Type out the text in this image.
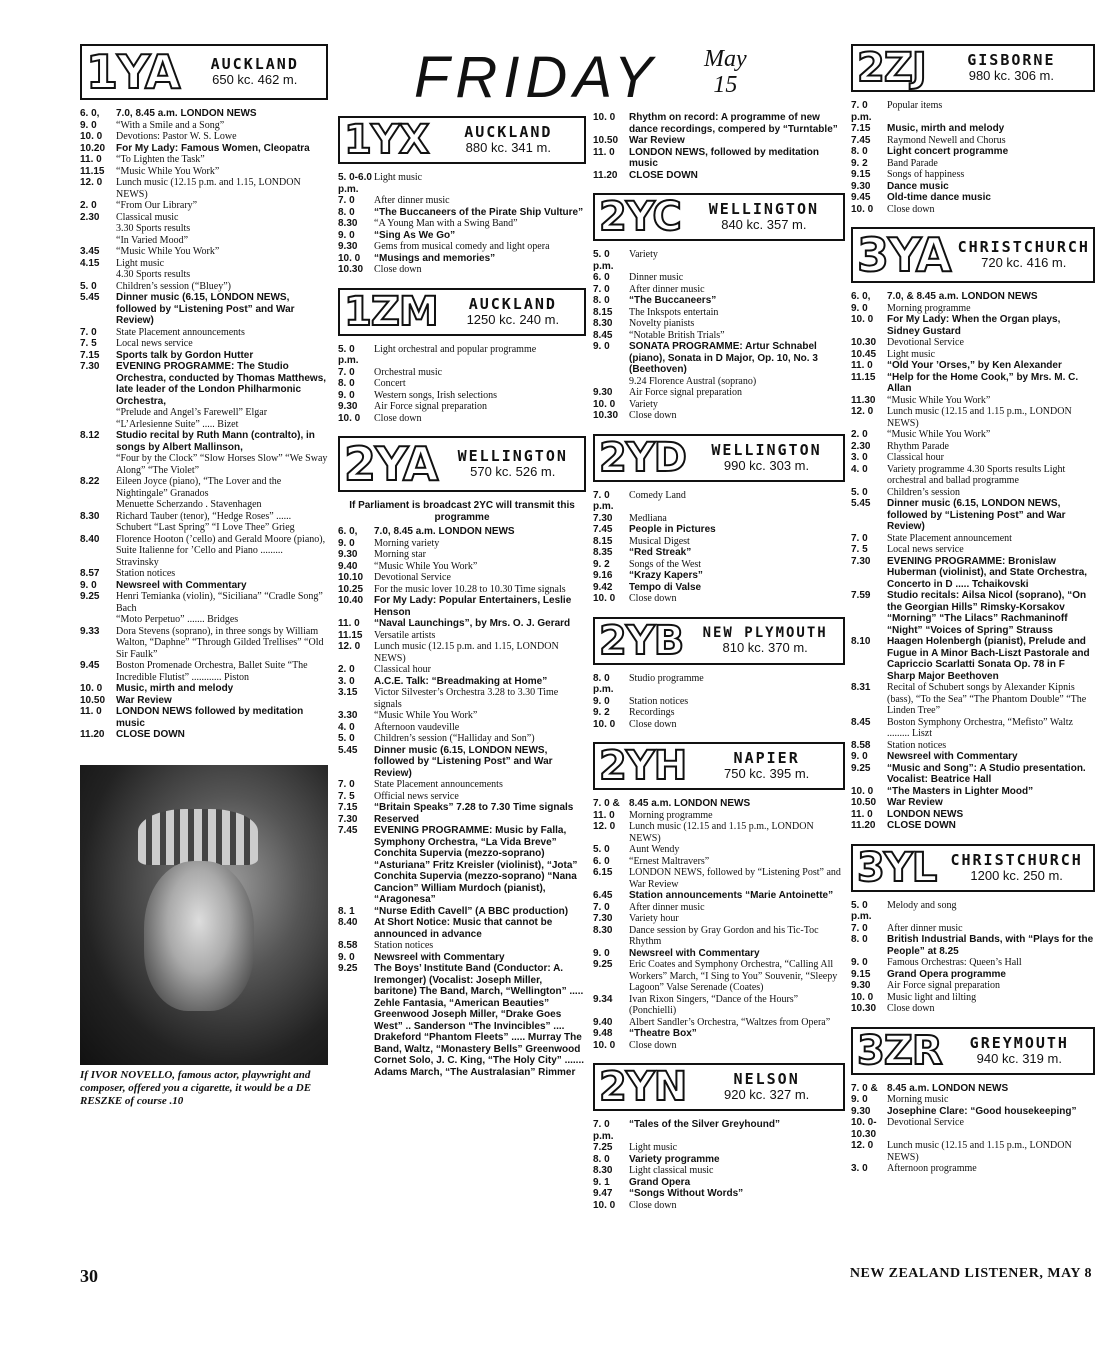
FRIDAY May
15
1YA AUCKLAND
650 kc. 462 m.
6. 0,	7.0, 8.45 a.m. LONDON NEWS
9. 0	“With a Smile and a Song”
10. 0	Devotions: Pastor W. S. Lowe
10.20	For My Lady: Famous Women, Cleopatra
11. 0	“To Lighten the Task”
11.15	“Music While You Work”
12. 0	Lunch music (12.15 p.m. and 1.15, LONDON NEWS)
2. 0	“From Our Library”
2.30	Classical music
3.30 Sports results
“In Varied Mood”
3.45	“Music While You Work”
4.15	Light music
4.30 Sports results
5. 0	Children’s session (“Bluey”)
5.45	Dinner music (6.15, LONDON NEWS, followed by “Listening Post” and War Review)
7. 0	State Placement announcements
7. 5	Local news service
7.15	Sports talk by Gordon Hutter
7.30	EVENING PROGRAMME: The Studio Orchestra, conducted by Thomas Matthews, late leader of the London Philharmonic Orchestra,
“Prelude and Angel’s Farewell” Elgar
“L’Arlesienne Suite” ..... Bizet
8.12	Studio recital by Ruth Mann (contralto), in songs by Albert Mallinson,
“Four by the Clock” “Slow Horses Slow” “We Sway Along” “The Violet”
8.22	Eileen Joyce (piano), “The Lover and the Nightingale” Granados
Menuette Scherzando . Stavenhagen
8.30	Richard Tauber (tenor), “Hedge Roses” ...... Schubert “Last Spring” “I Love Thee” Grieg
8.40	Florence Hooton (’cello) and Gerald Moore (piano), Suite Italienne for ’Cello and Piano ......... Stravinsky
8.57	Station notices
9. 0	Newsreel with Commentary
9.25	Henri Temianka (violin), “Siciliana” “Cradle Song” Bach
“Moto Perpetuo” ....... Bridges
9.33	Dora Stevens (soprano), in three songs by William Walton, “Daphne” “Through Gilded Trellises” “Old Sir Faulk”
9.45	Boston Promenade Orchestra, Ballet Suite “The Incredible Flutist” ............ Piston
10. 0	Music, mirth and melody
10.50	War Review
11. 0	LONDON NEWS followed by meditation music
11.20	CLOSE DOWN
If IVOR NOVELLO, famous actor, playwright and composer, offered you a cigarette, it would be a DE RESZKE of course .10
1YX AUCKLAND
880 kc. 341 m.
5. 0-6.0 p.m.
Light music
7. 0	After dinner music
8. 0	“The Buccaneers of the Pirate Ship Vulture”
8.30	“A Young Man with a Swing Band”
9. 0	“Sing As We Go”
9.30	Gems from musical comedy and light opera
10. 0	“Musings and memories”
10.30	Close down
1ZM AUCKLAND
1250 kc. 240 m.
5. 0 p.m.
Light orchestral and popular programme
7. 0	Orchestral music
8. 0	Concert
9. 0	Western songs, Irish selections
9.30	Air Force signal preparation
10. 0	Close down
2YA WELLINGTON
570 kc. 526 m.
If Parliament is broadcast 2YC will transmit this programme
6. 0,	7.0, 8.45 a.m. LONDON NEWS
9. 0	Morning variety
9.30	Morning star
9.40	“Music While You Work”
10.10	Devotional Service
10.25	For the music lover 10.28 to 10.30 Time signals
10.40	For My Lady: Popular Entertainers, Leslie Henson
11. 0	“Naval Launchings”, by Mrs. O. J. Gerard
11.15	Versatile artists
12. 0	Lunch music (12.15 p.m. and 1.15, LONDON NEWS)
2. 0	Classical hour
3. 0	A.C.E. Talk: “Breadmaking at Home”
3.15	Victor Silvester’s Orchestra 3.28 to 3.30 Time signals
3.30	“Music While You Work”
4. 0	Afternoon vaudeville
5. 0	Children’s session (“Halliday and Son”)
5.45	Dinner music (6.15, LONDON NEWS, followed by “Listening Post” and War Review)
7. 0	State Placement announcements
7. 5	Official news service
7.15	“Britain Speaks” 7.28 to 7.30 Time signals
7.30	Reserved
7.45	EVENING PROGRAMME: Music by Falla, Symphony Orchestra, “La Vida Breve” Conchita Supervia (mezzo-soprano) “Asturiana” Fritz Kreisler (violinist), “Jota” Conchita Supervia (mezzo-soprano) “Nana Cancion” William Murdoch (pianist), “Aragonesa”
8. 1	“Nurse Edith Cavell” (A BBC production)
8.40	At Short Notice: Music that cannot be announced in advance
8.58	Station notices
9. 0	Newsreel with Commentary
9.25	The Boys’ Institute Band (Conductor: A. Iremonger) (Vocalist: Joseph Miller, baritone) The Band, March, “Wellington” ..... Zehle Fantasia, “American Beauties” Greenwood Joseph Miller, “Drake Goes West” .. Sanderson “The Invincibles” .... Drakeford “Phantom Fleets” ..... Murray The Band, Waltz, “Monastery Bells” Greenwood Cornet Solo, J. C. King, “The Holy City” ....... Adams March, “The Australasian” Rimmer
10. 0	Rhythm on record: A programme of new dance recordings, compered by “Turntable”
10.50	War Review
11. 0	LONDON NEWS, followed by meditation music
11.20	CLOSE DOWN
2YC WELLINGTON
840 kc. 357 m.
5. 0 p.m.
Variety
6. 0	Dinner music
7. 0	After dinner music
8. 0	“The Buccaneers”
8.15	The Inkspots entertain
8.30	Novelty pianists
8.45	“Notable British Trials”
9. 0	SONATA PROGRAMME: Artur Schnabel (piano), Sonata in D Major, Op. 10, No. 3 (Beethoven)
9.24 Florence Austral (soprano)
9.30	Air Force signal preparation
10. 0	Variety
10.30	Close down
2YD WELLINGTON
990 kc. 303 m.
7. 0 p.m.
Comedy Land
7.30	Medliana
7.45	People in Pictures
8.15	Musical Digest
8.35	“Red Streak”
9. 2	Songs of the West
9.16	“Krazy Kapers”
9.42	Tempo di Valse
10. 0	Close down
2YB NEW PLYMOUTH
810 kc. 370 m.
8. 0 p.m.
Studio programme
9. 0	Station notices
9. 2	Recordings
10. 0	Close down
2YH	NAPIER
750 kc. 395 m.
7. 0 & 8.45 a.m. LONDON NEWS
11. 0	Morning programme
12. 0	Lunch music (12.15 and 1.15 p.m., LONDON NEWS)
5. 0	Aunt Wendy
6. 0	“Ernest Maltravers”
6.15	LONDON NEWS, followed by “Listening Post” and War Review
6.45	Station announcements “Marie Antoinette”
7. 0	After dinner music
7.30	Variety hour
8.30	Dance session by Gray Gordon and his Tic-Toc Rhythm
9. 0	Newsreel with Commentary
9.25	Eric Coates and Symphony Orchestra, “Calling All Workers” March, “I Sing to You” Souvenir, “Sleepy Lagoon” Valse Serenade (Coates)
9.34	Ivan Rixon Singers, “Dance of the Hours” (Ponchielli)
9.40	Albert Sandler’s Orchestra, “Waltzes from Opera”
9.48	“Theatre Box”
10. 0	Close down
2YN	NELSON
920 kc. 327 m.
7. 0 p.m.
“Tales of the Silver Greyhound”
7.25	Light music
8. 0	Variety programme
8.30	Light classical music
9. 1	Grand Opera
9.47	“Songs Without Words”
10. 0	Close down
2ZJ	GISBORNE
980 kc. 306 m.
7. 0 p.m.
Popular items
7.15	Music, mirth and melody
7.45	Raymond Newell and Chorus
8. 0	Light concert programme
9. 2	Band Parade
9.15	Songs of happiness
9.30	Dance music
9.45	Old-time dance music
10. 0	Close down
3YA CHRISTCHURCH
720 kc. 416 m.
6. 0,	7.0, & 8.45 a.m. LONDON NEWS
9. 0	Morning programme
10. 0	For My Lady: When the Organ plays, Sidney Gustard
10.30	Devotional Service
10.45	Light music
11. 0	“Old Your ’Orses,” by Ken Alexander
11.15	“Help for the Home Cook,” by Mrs. M. C. Allan
11.30	“Music While You Work”
12. 0	Lunch music (12.15 and 1.15 p.m., LONDON NEWS)
2. 0	“Music While You Work”
2.30	Rhythm Parade
3. 0	Classical hour
4. 0	Variety programme 4.30 Sports results Light orchestral and ballad programme
5. 0	Children’s session
5.45	Dinner music (6.15, LONDON NEWS, followed by “Listening Post” and War Review)
7. 0	State Placement announcement
7. 5	Local news service
7.30	EVENING PROGRAMME: Bronislaw Huberman (violinist), and State Orchestra, Concerto in D ..... Tchaikovski
7.59	Studio recitals: Ailsa Nicol (soprano), “On the Georgian Hills” Rimsky-Korsakov “Morning” “The Lilacs” Rachmaninoff “Night” “Voices of Spring” Strauss
8.10	Haagen Holenbergh (pianist), Prelude and Fugue in A Minor Bach-Liszt Pastorale and Capriccio Scarlatti Sonata Op. 78 in F Sharp Major Beethoven
8.31	Recital of Schubert songs by Alexander Kipnis (bass), “To the Sea” “The Phantom Double” “The Linden Tree”
8.45	Boston Symphony Orchestra, “Mefisto” Waltz ......... Liszt
8.58	Station notices
9. 0	Newsreel with Commentary
9.25	“Music and Song”: A Studio presentation. Vocalist: Beatrice Hall
10. 0	“The Masters in Lighter Mood”
10.50	War Review
11. 0	LONDON NEWS
11.20	CLOSE DOWN
3YL CHRISTCHURCH
1200 kc. 250 m.
5. 0 p.m.
Melody and song
7. 0	After dinner music
8. 0	British Industrial Bands, with “Plays for the People” at 8.25
9. 0	Famous Orchestras: Queen’s Hall
9.15	Grand Opera programme
9.30	Air Force signal preparation
10. 0	Music light and lilting
10.30	Close down
3ZR GREYMOUTH
940 kc. 319 m.
7. 0 & 8.45 a.m. LONDON NEWS
9. 0	Morning music
9.30	Josephine Clare: “Good housekeeping”
10. 0-10.30
Devotional Service
12. 0	Lunch music (12.15 and 1.15 p.m., LONDON NEWS)
3. 0	Afternoon programme
30	NEW ZEALAND LISTENER, MAY 8
